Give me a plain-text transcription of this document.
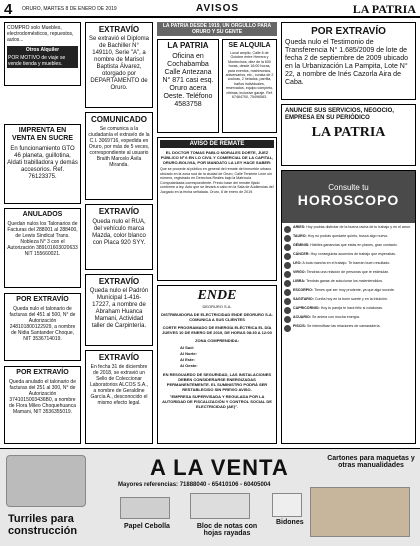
4 ORURO, MARTES 8 DE ENERO DE 2019	AVISOS	LA PATRIA
COMPRO solo Muebles, electrodomésticos, repuestos, autos...
Otros Alquiler
POR MOTIVO de viaje se vende tienda y muebles.
IMPRENTA EN VENTA EN SUCRE
En funcionamiento GTO 46 planeta, guillotina, Aldati trabilladora y demás accesorios. Ref. 76123375.
ANULADOS
Quedan nulos los Talonarios de Facturas del 288001 al 288400, de Lewis Sindicat Trans. Nobleza N° 3 con el Autorización 389101603020633 NIT 155660021.
POR EXTRAVÍO
Queda nulo el talonario de facturas del 451 al 500, N° de Autorización 248101800122929, a nombre de Nidia Santander Choque, NIT 3536714019.
POR EXTRAVÍO
Queda anulado el talonario de facturas del 251 al 300, N° de Autorización 3741015003436B0, a nombre de Flora Mileo Choquehuanca Mamani, NIT 3536355019.
EXTRAVÍO
Se extravió el Diploma de Bachiller N° 149110, Serie "A", a nombre de Marisol Baptista Álvarez, otorgado por DEPARTAMENTO de Oruro.
COMUNICADO
Se comunica a la ciudadanía el extravío de la C.I. 3069716, expedida en Oruro, por más de 5 veces, correspondiente al usuario Braith Marcelo Ávila Miranda.
EXTRAVÍO
Queda nulo el RUA, del vehículo marca Mazda, color blanco con Placa 920 SYY.
EXTRAVÍO
Queda nulo el Padrón Municipal 1-416-17227, a nombre de Abraham Huanca Mamani, Actividad taller de Carpintería.
EXTRAVÍO
En fecha 31 de diciembre de 2018, se extravió un Sello de Coleccionar Laboratorios ALCOS S.A., a nombre de Geraldine García A., desconocido el mismo efecto legal.
LA PATRIA DESDE 1919, UN ORGULLO PARA ORURO Y SU GENTE
LA PATRIA
Oficina en Cochabamba Calle Antezana N° 871 casi esq. Oruro acera Oeste. Teléfono 4583758
SE ALQUILA
Local amplio, Calle 6 de Octubre entre Herrera y Montecinos, diez de la 600 horas, desde 16:00 horas, para eventos, matrimonios, aniversarios, etc., consta de 2 cocinas, 2 helados, parrilla, baños individuales, reservados, equipo completo, vitrinas, inclusive garaje. Ref. 67464700, 75496583.
AVISO DE REMATE
EL DOCTOR TOMAS PABLO MORALES DORTE, JUEZ PÚBLICO Nº 6 EN LO CIVIL Y COMERCIAL DE LA CAPITAL, ORURO-BOLIVIA, POR MANDATO LA LEY HACE SABER:
Que se procede al público en general del remate del inmueble urbano ubicado en la zona sud de la ciudad de Oruro, Calle Teniente León sin número, registrado en Derechos Reales bajo la Matrícula Computarizada correspondiente. Precio base del remate fijado conforme a ley. Acto que se llevará a cabo en la Sala de Audiencias del Juzgado en la fecha señalada. Oruro, 8 de enero de 2019.
ENDE
DEORURO S.A.
DISTRIBUIDORA DE ELECTRICIDAD ENDE DEORURO S.A. COMUNICA A SUS CLIENTES
CORTE PROGRAMADO DE ENERGÍA ELÉCTRICA EL DÍA JUEVES 10 DE ENERO DE 2019, DE HORAS 08:30 A 12:00
ZONA COMPRENDIDA:
Al Sud:
Al Norte:
Al Este:
Al Oeste:
EN RESGUARDO DE SEGURIDAD, LAS INSTALACIONES DEBEN CONSIDERARSE ENERGIZADAS PERMANENTEMENTE. EL SUMINISTRO PODRÁ SER RESTABLECIDO SIN PREVIO AVISO.
"EMPRESA SUPERVISADA Y REGULADA POR LA AUTORIDAD DE FISCALIZACIÓN Y CONTROL SOCIAL DE ELECTRICIDAD (AE)".
POR EXTRAVÍO
Queda nulo el Testimonio de Transferencia N° 1.685/2009 de lote de fecha 2 de septiembre de 2009 ubicado en la Urbanización La Pampita, Lote N° 22, a nombre de Inés Cazorla Aira de Caba.
ANUNCIE SUS SERVICIOS, NEGOCIO, EMPRESA EN SU PERIÓDICO
LA PATRIA
Consulte tu
HOROSCOPO
ARIES: Hoy podrás disfrutar de la buena racha de tu trabajo y en el amor.
TAURO: Hoy no podrás quedarte quieto, busca algo nuevo.
GÉMINIS: Hábiles ganancias que estás en planes, gran contacto.
CÁNCER: Hoy conseguirás acuerdos de trabajo que esperabas.
LEO: A toda marcha en el trabajo. Te traerán buen resultado.
VIRGO: Tendrás una relación de personas que te estimulan.
LIBRA: Tendrás ganas de solucionar los malentendidos.
ESCORPIO: Tienes que ser muy prudente, ya que algo sucede.
SAGITARIO: Confía hoy en la buen suerte y en la intuición.
CAPRICORNIO: Hoy tu pareja te hará feliz si colaboras.
ACUARIO: Se anima con mucha energía.
PISCIS: Se intensifican las relaciones de camaradería.
A LA VENTA
Mayores referencias: 71888040 - 65410106 - 60405004
Turriles para construcción	Papel Cebolla	Bloc de notas con hojas rayadas
Bidones
Cartones para maquetas y otras manualidades
